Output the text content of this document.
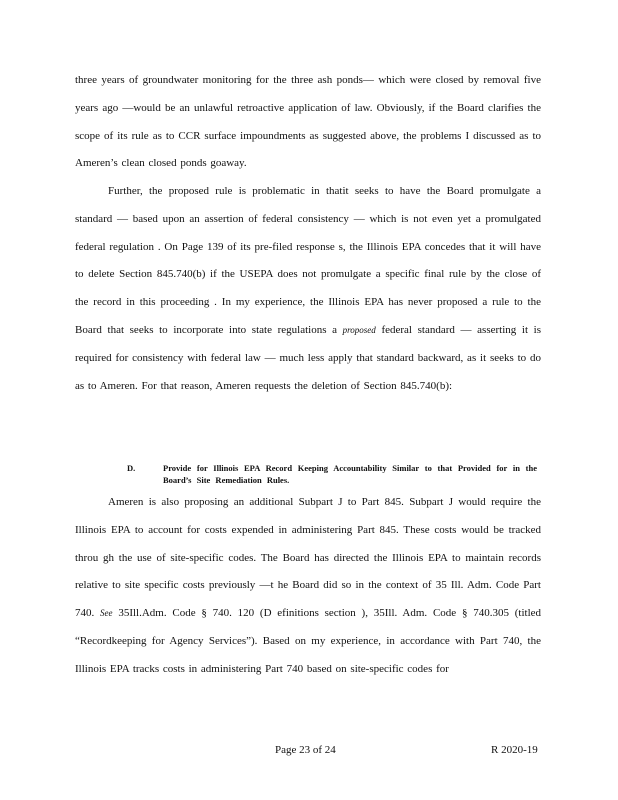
three years of groundwater monitoring for the three ash ponds— which were closed by removal five years ago —would be an unlawful retroactive application of law. Obviously, if the Board clarifies the scope of its rule as to CCR surface impoundments as suggested above, the problems I discussed as to Ameren’s clean closed ponds goaway.
Further, the proposed rule is problematic in thatit seeks to have the Board promulgate a standard — based upon an assertion of federal consistency — which is not even yet a promulgated federal regulation . On Page 139 of its pre-filed response s, the Illinois EPA concedes that it will have to delete Section 845.740(b) if the USEPA does not promulgate a specific final rule by the close of the record in this proceeding . In my experience, the Illinois EPA has never proposed a rule to the Board that seeks to incorporate into state regulations a proposed federal standard — asserting it is required for consistency with federal law — much less apply that standard backward, as it seeks to do as to Ameren. For that reason, Ameren requests the deletion of Section 845.740(b):
D.	Provide for Illinois EPA Record Keeping Accountability Similar to that Provided for in the Board’s Site Remediation Rules.
Ameren is also proposing an additional Subpart J to Part 845. Subpart J would require the Illinois EPA to account for costs expended in administering Part 845. These costs would be tracked throu gh the use of site-specific codes. The Board has directed the Illinois EPA to maintain records relative to site specific costs previously —t he Board did so in the context of 35 Ill. Adm. Code Part 740. See 35Ill.Adm. Code § 740. 120 (D efinitions section ), 35Ill. Adm. Code § 740.305 (titled “Recordkeeping for Agency Services”). Based on my experience, in accordance with Part 740, the Illinois EPA tracks costs in administering Part 740 based on site-specific codes for
Page 23 of 24	R 2020-19
